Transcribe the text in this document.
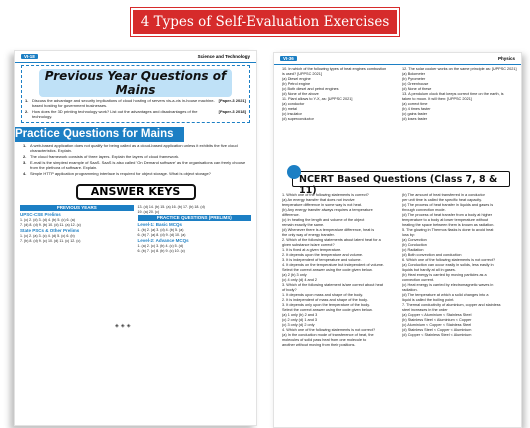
4 Types of Self-Evaluation Exercises
VI-18	Science and Technology
Previous Year Questions of Mains
1. Discuss the advantage and security implications of cloud hosting of servers vis-a-vis in-house machine-based hosting for government businesses.
[Paper-3 2021]
2. How does the 3D printing technology work? List out the advantages and disadvantages of the technology.
[Paper-3 2018]
Practice Questions for Mains
1. A web-based application does not qualify for being called as a cloud-based application unless it exhibits the five cloud characteristics. Explain.
2. The cloud framework consists of three layers. Explain the layers of cloud framework.
3. E-mail is the simplest example of SaaS. SaaS is also called 'On Demand software' as the organisations can freely choose from the plethora of software. Explain.
4. Simple HTTP application programming interface is required for object storage. What is object storage?
ANSWER KEYS
PREVIOUS YEARS
UPSC-CSE Prelims
1. (c) 2. (d) 3. (d) 4. (b) 5. (c) 6. (a)
7. (d) 8. (d) 9. (b) 10. (d) 11. (a) 12. (c)
State PSCs & Other Prelims
1. (c) 2. (a) 3. (c) 4. (d) 5. (c) 6. (b)
7. (b) 8. (d) 9. (c) 10. (d) 11. (c) 12. (c)
13. (d) 14. (b) 15. (a) 16. (b) 17. (b) 18. (d)
19. (a) 20. (c)
PRACTICE QUESTIONS (PRELIMS)
Level-1: Basic MCQs
1. (b) 2. (a) 3. (d) 4. (b) 5. (a)
6. (b) 7. (a) 8. (d) 9. (d) 10. (a)
Level-2: Advance MCQs
1. (a) 2. (c) 3. (b) 4. (c) 5. (d)
6. (b) 7. (c) 8. (b) 9. (c) 10. (c)
◈◈◈
VI-36	Physics
10. In which of the following types of heat engines combustion
is used? [UPPSC 2021]
(a) Diesel engine
(b) Petrol engine
(c) Both diesel and petrol engines
(d) None of the above
11. Plant allows to Y-X, as: [UPPSC 2021]
(a) conductor
(b) metal
(c) insulator
(d) superconductor
12. The solar cooker works on the same principle as: [UPPSC 2021]
(a) Bolometer
(b) Pyrometer
(c) Greenhouse
(d) None of these
13. A pendulum clock that keeps correct time on the earth, is
taken to moon. It will then: [UPPSC 2021]
(a) correct time
(b) 4 times faster
(c) gains faster
(d) loses faster
NCERT Based Questions (Class 7, 8 & 11)
1. Which one of the following statements is correct?
(a) An energy transfer that does not involve
temperature difference in some way is not heat.
(b) Any energy transfer always requires a temperature
difference.
(c) In heating the length and volume of the object
remain exactly the same.
(d) Whenever there is a temperature difference, heat is
the only way of energy transfer.
2. Which of the following statements about latent heat for a
given substance is/are correct?
1. It is fixed at a given temperature.
2. It depends upon the temperature and volume.
3. It is independent of temperature and volume.
4. It depends on the temperature but independent of volume.
Select the correct answer using the code given below.
(a) 2 (b) 3 only
(c) 4 only (d) 4 and 2
3. Which of the following statement is/are correct about heat
of body?
1. It depends upon mass and shape of the body.
2. It is independent of mass and shape of the body.
3. It depends only upon the temperature of the body.
Select the correct answer using the code given below.
(a) 1 only (b) 2 and 3
(c) 2 only (d) 1 and 3
(c) 3 only (d) 2 only
4. Which one of the following statements is not correct?
(a) In the conduction mode of transference of heat, the
molecules of solid pass heat from one molecule to
another without moving from their positions.
(b) The amount of heat transferred in a conductor
per unit time is called the specific heat capacity.
(c) The process of heat transfer in liquids and gases is
through convection mode.
(d) The process of heat transfer from a body at higher
temperature to a body at lower temperature without
heating the space between them is known as radiation.
5. The glowing in Thermos flasks is done to avoid heat
loss by:
(a) Convection
(b) Conduction
(c) Radiation
(d) Both convection and conduction
6. Which one of the following statements is not correct?
(a) Conduction can occur easily in solids, less easily in
liquids but hardly at all in gases.
(b) Heat energy is carried by moving particles as a
convection current.
(c) Heat energy is carried by electromagnetic waves in
radiation.
(d) The temperature at which a solid changes into a
liquid is called the boiling point.
7. Thermal conductivity of aluminium, copper and stainless
steel increases in the order
(a) Copper < Aluminium < Stainless Steel
(b) Stainless Steel < Aluminium < Copper
(c) Aluminium < Copper < Stainless Steel
(d) Stainless Steel < Copper < Aluminium
(d) Copper < Stainless Steel < Aluminium
